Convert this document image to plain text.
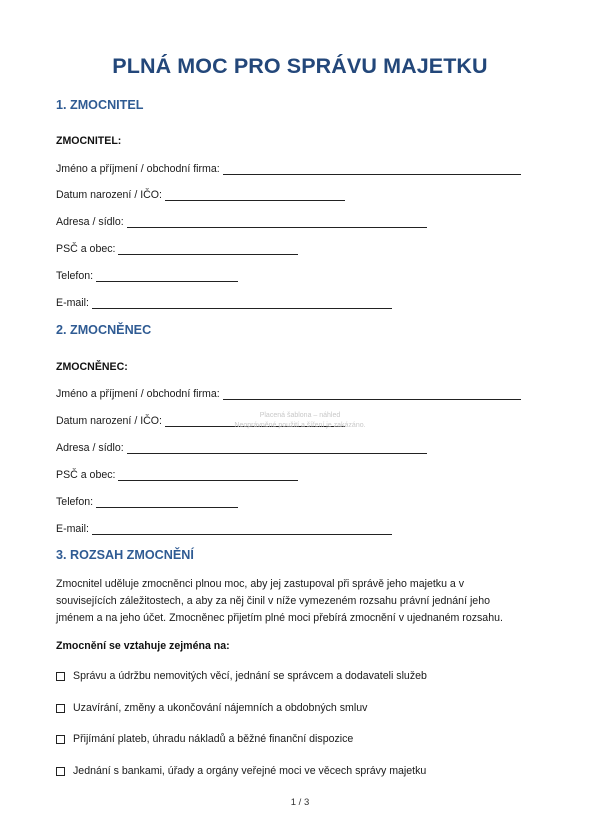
PLNÁ MOC PRO SPRÁVU MAJETKU
1. ZMOCNITEL
ZMOCNITEL:
Jméno a příjmení / obchodní firma:
Datum narození / IČO:
Adresa / sídlo:
PSČ a obec:
Telefon:
E-mail:
2. ZMOCNĚNEC
ZMOCNĚNEC:
Jméno a příjmení / obchodní firma:
Datum narození / IČO:
Adresa / sídlo:
PSČ a obec:
Telefon:
E-mail:
Placená šablona – náhled
Neoprávněné použití a šíření je zakázáno.
3. ROZSAH ZMOCNĚNÍ
Zmocnitel uděluje zmocněnci plnou moc, aby jej zastupoval při správě jeho majetku a v
souvisejících záležitostech, a aby za něj činil v níže vymezeném rozsahu právní jednání jeho
jménem a na jeho účet. Zmocněnec přijetím plné moci přebírá zmocnění v ujednaném rozsahu.
Zmocnění se vztahuje zejména na:
Správu a údržbu nemovitých věcí, jednání se správcem a dodavateli služeb
Uzavírání, změny a ukončování nájemních a obdobných smluv
Přijímání plateb, úhradu nákladů a běžné finanční dispozice
Jednání s bankami, úřady a orgány veřejné moci ve věcech správy majetku
1 / 3
